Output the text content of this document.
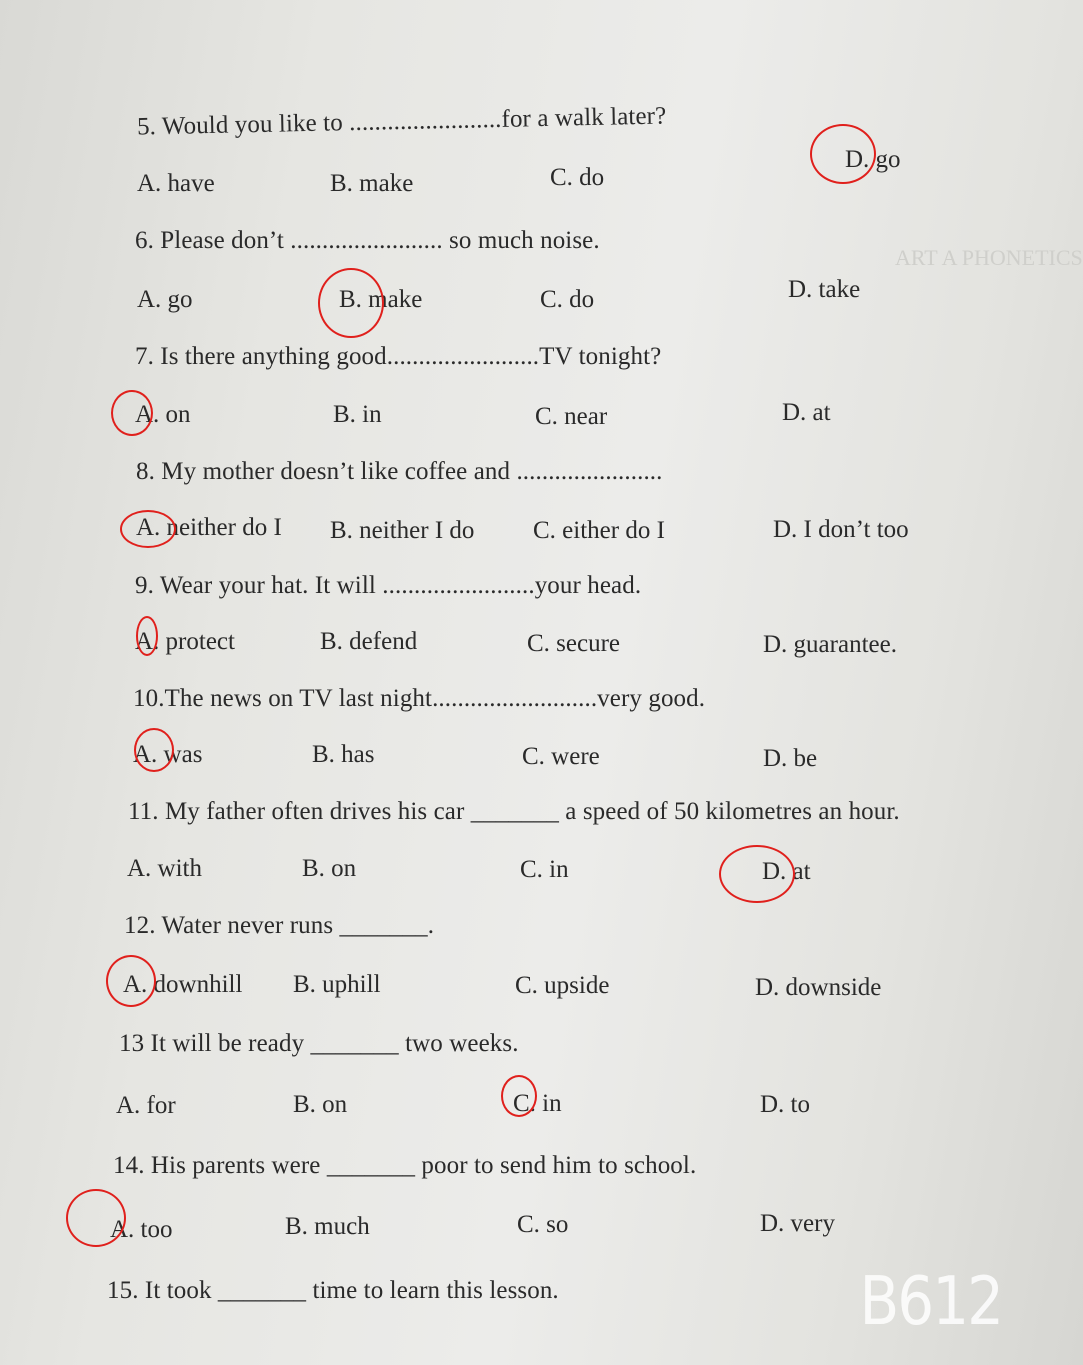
ART A PHONETICS
5. Would you like to ........................for a walk later?
A. have	B. make	C. do
D. go
6. Please don’t ........................ so much noise.
A. go	B. make	C. do	D. take
7. Is there anything good........................TV tonight?
A. on	B. in	C. near	D. at
8. My mother doesn’t like coffee and .......................
A. neither do I B. neither I do C. either do I	D. I don’t too
9. Wear your hat. It will ........................your head.
A. protect	B. defend	C. secure	D. guarantee.
10.The news on TV last night..........................very good.
A. was	B. has	C. were	D. be
11. My father often drives his car _______ a speed of 50 kilometres an hour.
A. with	B. on	C. in	D. at
12. Water never runs _______.
A. downhill B. uphill	C. upside	D. downside
13 It will be ready _______ two weeks.
A. for	B. on	C. in	D. to
14. His parents were _______ poor to send him to school.
A. too	B. much	C. so	D. very
15. It took _______ time to learn this lesson.	B612
